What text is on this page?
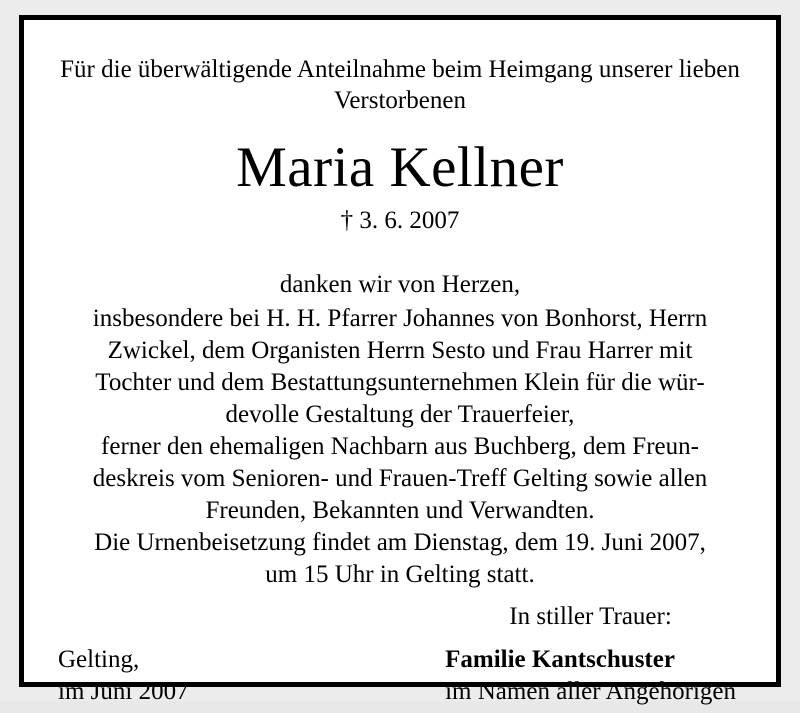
Für die überwältigende Anteilnahme beim Heimgang unserer lieben Verstorbenen
Maria Kellner
† 3. 6. 2007
danken wir von Herzen,
insbesondere bei H. H. Pfarrer Johannes von Bonhorst, Herrn
Zwickel, dem Organisten Herrn Sesto und Frau Harrer mit
Tochter und dem Bestattungsunternehmen Klein für die wür-
devolle Gestaltung der Trauerfeier,
ferner den ehemaligen Nachbarn aus Buchberg, dem Freun-
deskreis vom Senioren- und Frauen-Treff Gelting sowie allen
Freunden, Bekannten und Verwandten.
Die Urnenbeisetzung findet am Dienstag, dem 19. Juni 2007,
um 15 Uhr in Gelting statt.
Gelting,
im Juni 2007
In stiller Trauer:
Familie Kantschuster
im Namen aller Angehörigen
